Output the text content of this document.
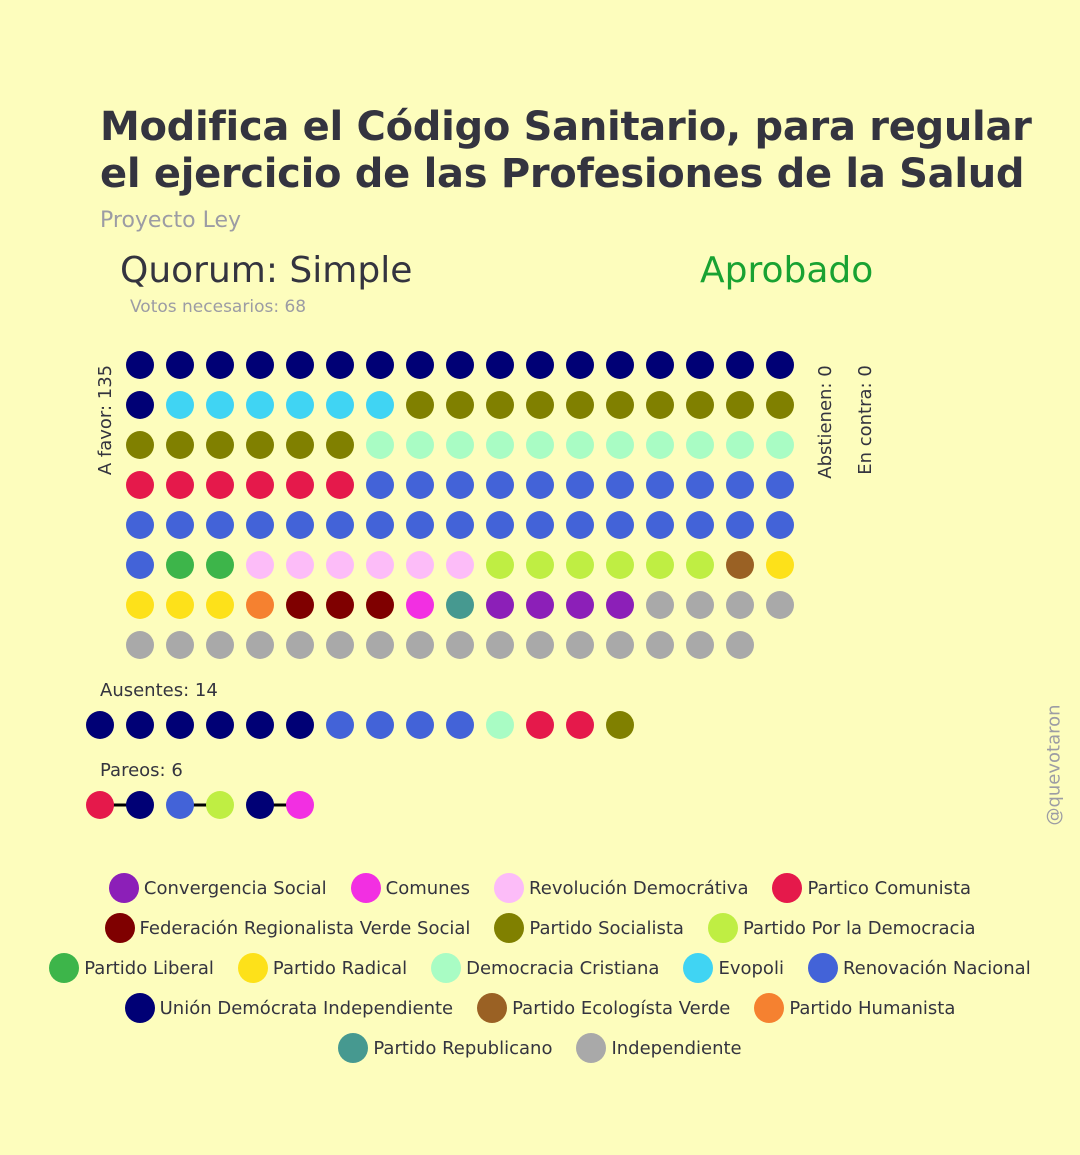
Modifica el Código Sanitario, para regular
el ejercicio de las Profesiones de la Salud
Proyecto Ley
Quorum: Simple	Aprobado
Votos necesarios: 68
Ausentes: 14
Pareos: 6
A favor: 135	Abstienen: 0 En contra: 0
@quevotaron
Convergencia Social	Comunes	Revolución Democrátiva	Partico Comunista
Federación Regionalista Verde Social	Partido Socialista	Partido Por la Democracia
Partido Liberal	Partido Radical	Democracia Cristiana	Evopoli	Renovación Nacional
Unión Demócrata Independiente	Partido Ecologísta Verde	Partido Humanista
Partido Republicano	Independiente
